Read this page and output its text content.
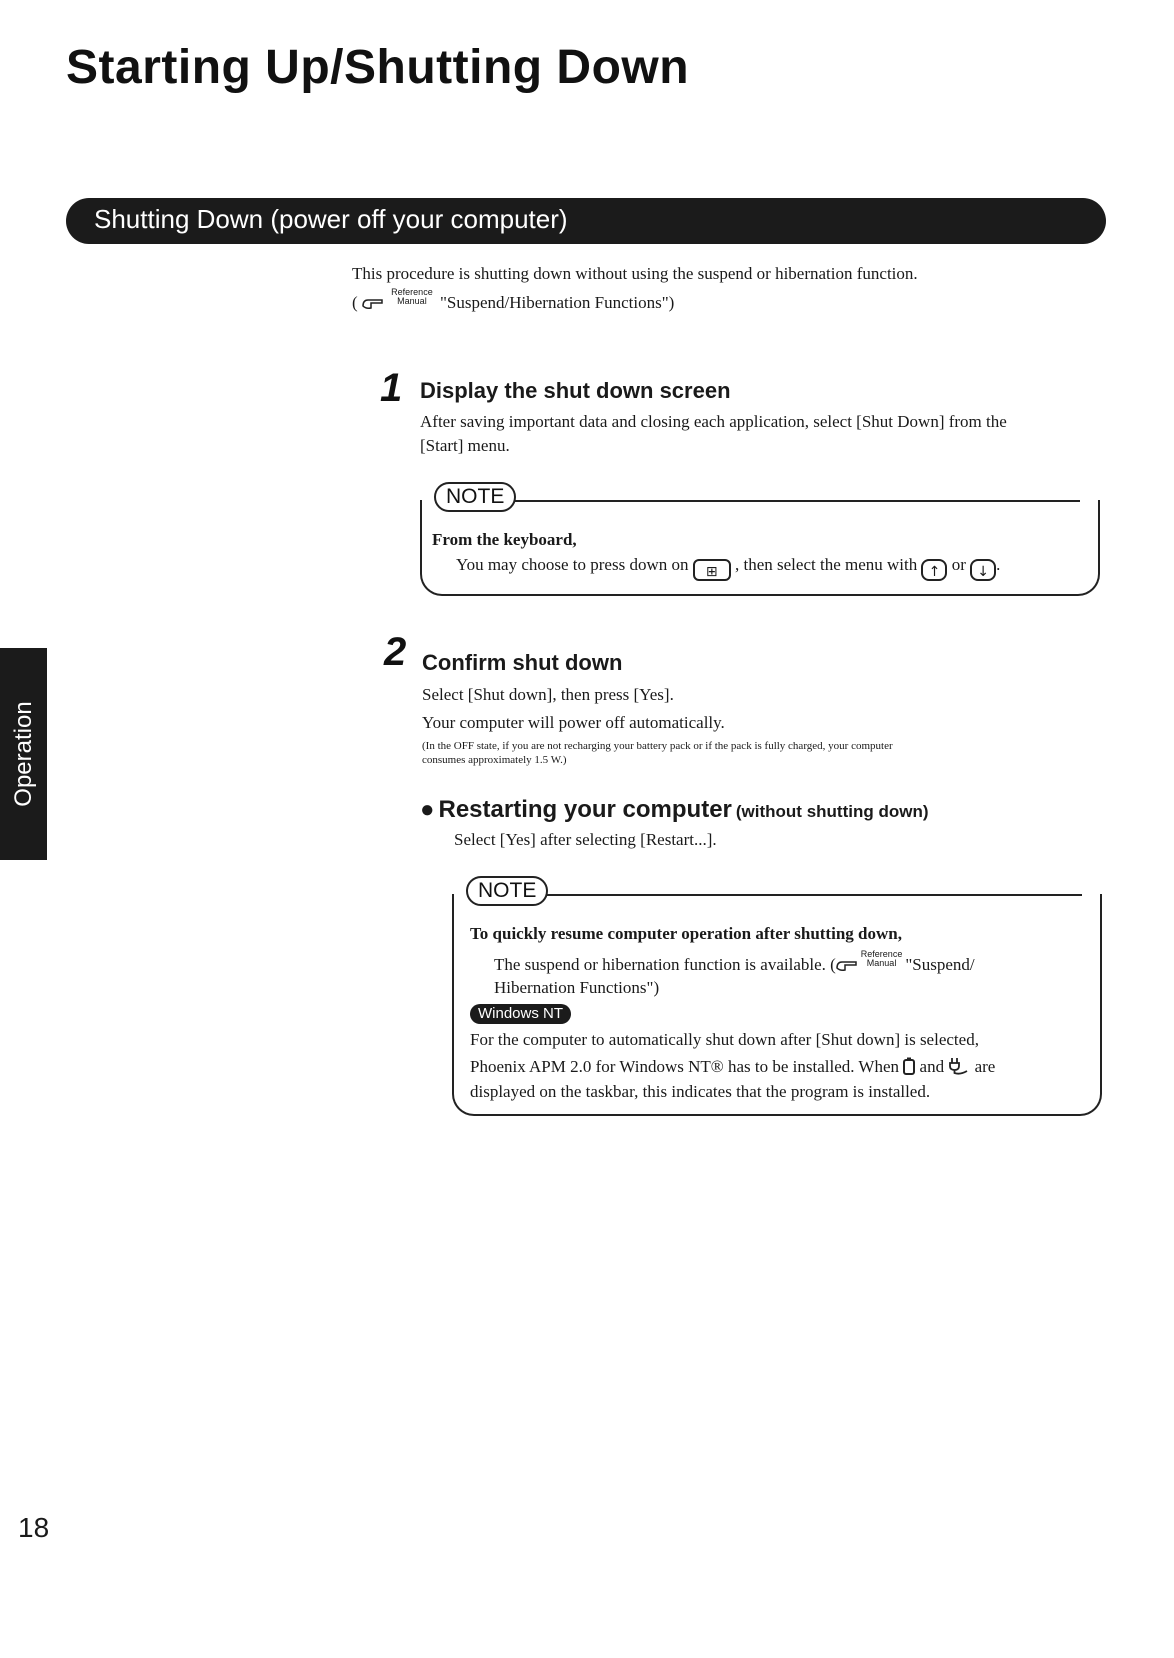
Starting Up/Shutting Down
Shutting Down (power off your computer)
This procedure is shutting down without using the suspend or hibernation function.
(
Reference
Manual "Suspend/Hibernation Functions")
1 Display the shut down screen
After saving important data and closing each application, select [Shut Down] from the
[Start] menu.
NOTE
From the keyboard,
You may choose to press down on ⊞ , then select the menu with ↑ or ↓ .
2 Confirm shut down
Select [Shut down], then press [Yes].
Your computer will power off automatically.
(In the OFF state, if you are not recharging your battery pack or if the pack is fully charged, your computer
consumes approximately 1.5 W.)
● Restarting your computer (without shutting down)
Select [Yes] after selecting [Restart...].
NOTE
To quickly resume computer operation after shutting down,
The suspend or hibernation function is available. (
Reference
Manual "Suspend/
Hibernation Functions")
Windows NT
For the computer to automatically shut down after [Shut down] is selected,
Phoenix APM 2.0 for Windows NT® has to be installed. When and are
displayed on the taskbar, this indicates that the program is installed.
Operation
18
